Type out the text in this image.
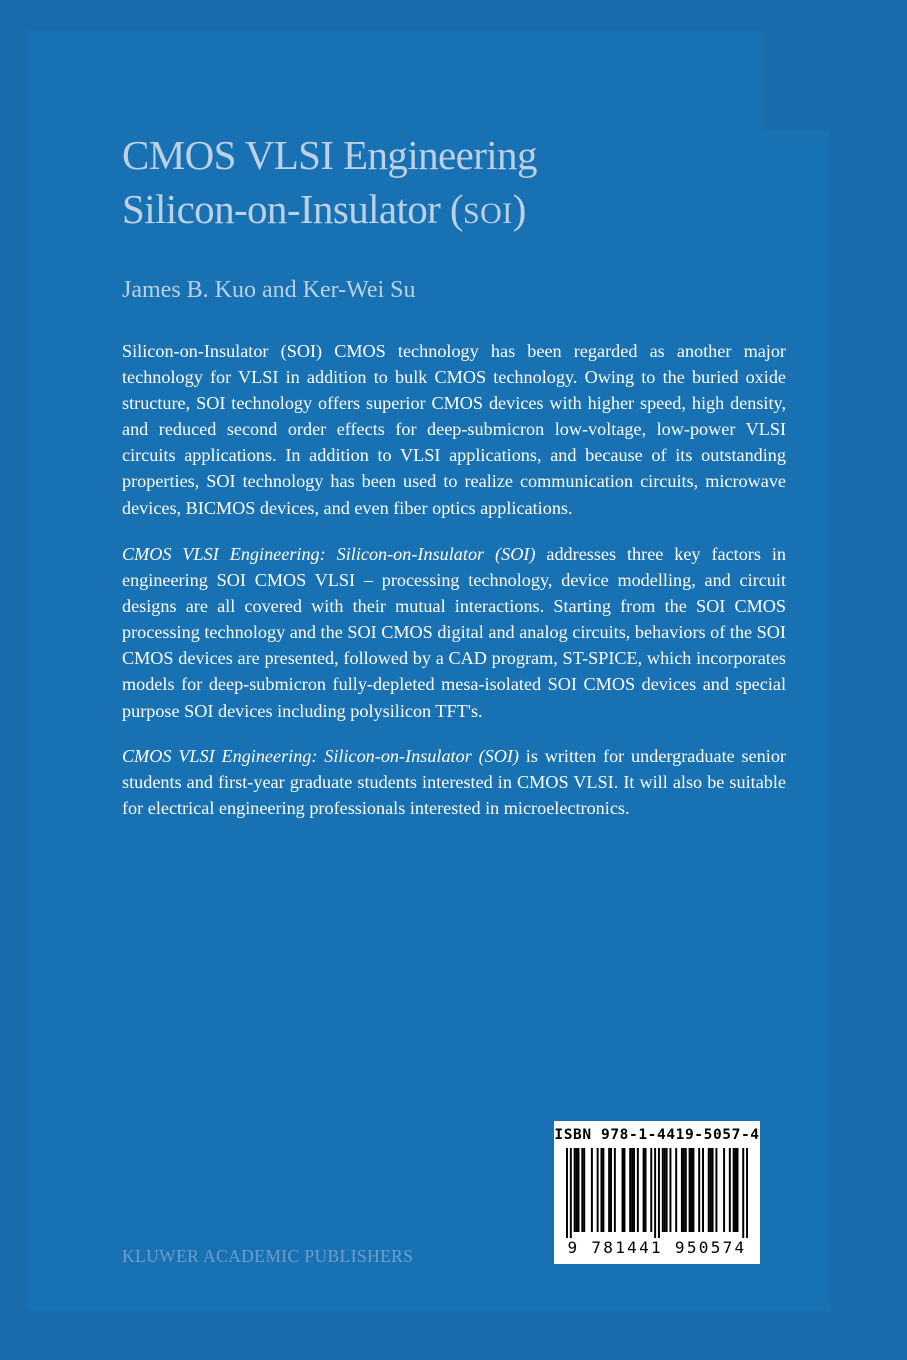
CMOS VLSI Engineering
Silicon-on-Insulator (SOI)
James B. Kuo and Ker-Wei Su

Silicon-on-Insulator (SOI) CMOS technology has been regarded as another major technology for VLSI in addition to bulk CMOS technology. Owing to the buried oxide structure, SOI technology offers superior CMOS devices with higher speed, high density, and reduced second order effects for deep-submicron low-voltage, low-power VLSI circuits applications. In addition to VLSI applications, and because of its outstanding properties, SOI technology has been used to realize communication circuits, microwave devices, BICMOS devices, and even fiber optics applications.

CMOS VLSI Engineering: Silicon-on-Insulator (SOI) addresses three key factors in engineering SOI CMOS VLSI – processing technology, device modelling, and circuit designs are all covered with their mutual interactions. Starting from the SOI CMOS processing technology and the SOI CMOS digital and analog circuits, behaviors of the SOI CMOS devices are presented, followed by a CAD program, ST-SPICE, which incorporates models for deep-submicron fully-depleted mesa-isolated SOI CMOS devices and special purpose SOI devices including polysilicon TFT's.

CMOS VLSI Engineering: Silicon-on-Insulator (SOI) is written for undergraduate senior students and first-year graduate students interested in CMOS VLSI. It will also be suitable for electrical engineering professionals interested in microelectronics.

KLUWER ACADEMIC PUBLISHERS
ISBN 978-1-4419-5057-4
9 781441 950574
